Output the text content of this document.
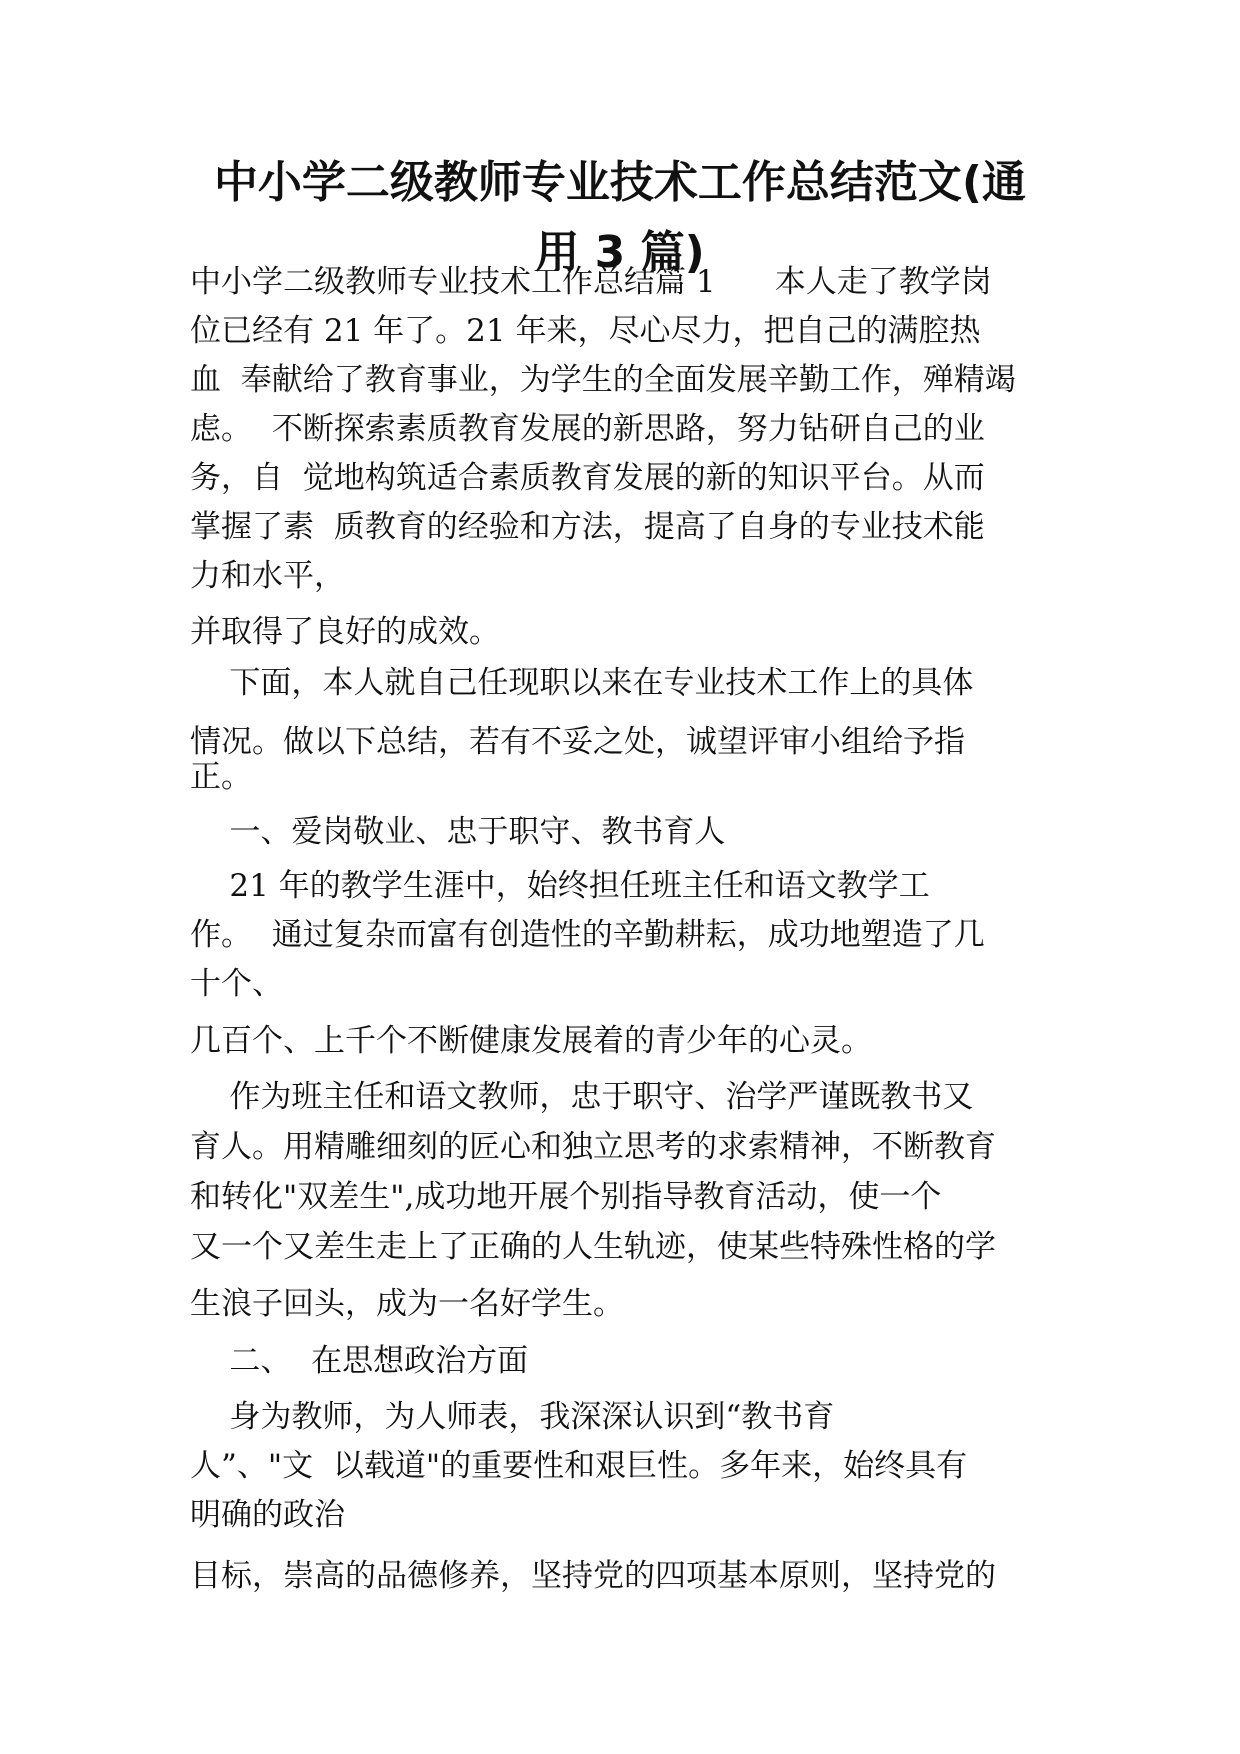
中小学二级教师专业技术工作总结范文(通
用 3 篇)

中小学二级教师专业技术工作总结篇 1      本人走了教学岗

位已经有 21 年了。21 年来，尽心尽力，把自己的满腔热

血  奉献给了教育事业，为学生的全面发展辛勤工作，殚精竭

虑。  不断探索素质教育发展的新思路，努力钻研自己的业

务，自  觉地构筑适合素质教育发展的新的知识平台。从而

掌握了素  质教育的经验和方法，提高了自身的专业技术能

力和水平，

并取得了良好的成效。

下面，本人就自己任现职以来在专业技术工作上的具体

情况。做以下总结，若有不妥之处，诚望评审小组给予指

正。

一、爱岗敬业、忠于职守、教书育人

21 年的教学生涯中，始终担任班主任和语文教学工

作。  通过复杂而富有创造性的辛勤耕耘，成功地塑造了几

十个、

几百个、上千个不断健康发展着的青少年的心灵。

作为班主任和语文教师，忠于职守、治学严谨既教书又

育人。用精雕细刻的匠心和独立思考的求索精神，不断教育

和转化"双差生",成功地开展个别指导教育活动，使一个

又一个又差生走上了正确的人生轨迹，使某些特殊性格的学

生浪子回头，成为一名好学生。

二、  在思想政治方面

身为教师，为人师表，我深深认识到“教书育

人”、"文  以载道"的重要性和艰巨性。多年来，始终具有

明确的政治

目标，崇高的品德修养，坚持党的四项基本原则，坚持党的
